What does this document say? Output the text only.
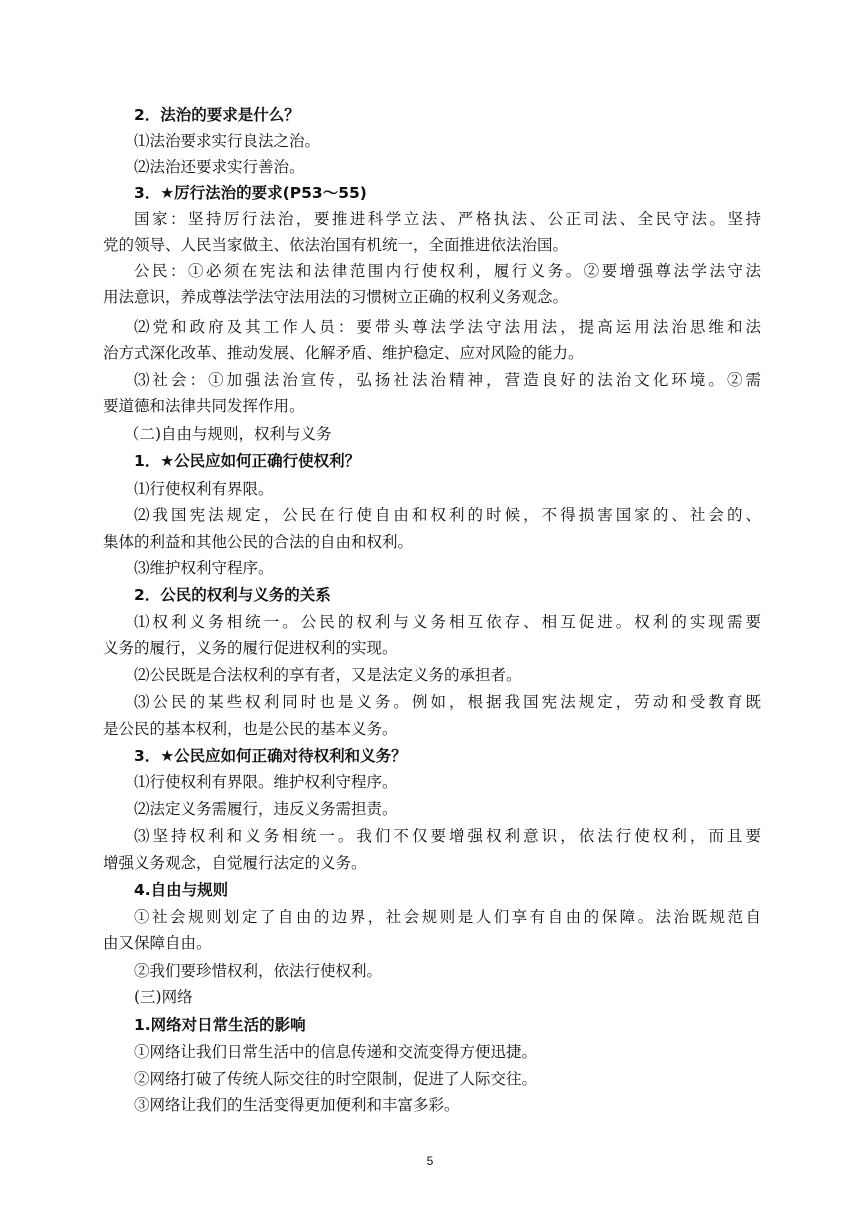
2．法治的要求是什么？
⑴法治要求实行良法之治。
⑵法治还要求实行善治。
3．★厉行法治的要求(P53～55)
国家：坚持厉行法治，要推进科学立法、严格执法、公正司法、全民守法。坚持
党的领导、人民当家做主、依法治国有机统一，全面推进依法治国。
公民：①必须在宪法和法律范围内行使权利，履行义务。②要增强尊法学法守法
用法意识，养成尊法学法守法用法的习惯树立正确的权利义务观念。
⑵党和政府及其工作人员：要带头尊法学法守法用法，提高运用法治思维和法
治方式深化改革、推动发展、化解矛盾、维护稳定、应对风险的能力。
⑶社会：①加强法治宣传，弘扬社法治精神，营造良好的法治文化环境。②需
要道德和法律共同发挥作用。
（二)自由与规则，权利与义务
1．★公民应如何正确行使权利？
⑴行使权利有界限。
⑵我国宪法规定，公民在行使自由和权利的时候，不得损害国家的、社会的、
集体的利益和其他公民的合法的自由和权利。
⑶维护权利守程序。
2．公民的权利与义务的关系
⑴权利义务相统一。公民的权利与义务相互依存、相互促进。权利的实现需要
义务的履行，义务的履行促进权利的实现。
⑵公民既是合法权利的享有者，又是法定义务的承担者。
⑶公民的某些权利同时也是义务。例如，根据我国宪法规定，劳动和受教育既
是公民的基本权利，也是公民的基本义务。
3．★公民应如何正确对待权利和义务？
⑴行使权利有界限。维护权利守程序。
⑵法定义务需履行，违反义务需担责。
⑶坚持权利和义务相统一。我们不仅要增强权利意识，依法行使权利，而且要
增强义务观念，自觉履行法定的义务。
4.自由与规则
①社会规则划定了自由的边界，社会规则是人们享有自由的保障。法治既规范自
由又保障自由。
②我们要珍惜权利，依法行使权利。
(三)网络
1.网络对日常生活的影响
①网络让我们日常生活中的信息传递和交流变得方便迅捷。
②网络打破了传统人际交往的时空限制，促进了人际交往。
③网络让我们的生活变得更加便利和丰富多彩。
5
